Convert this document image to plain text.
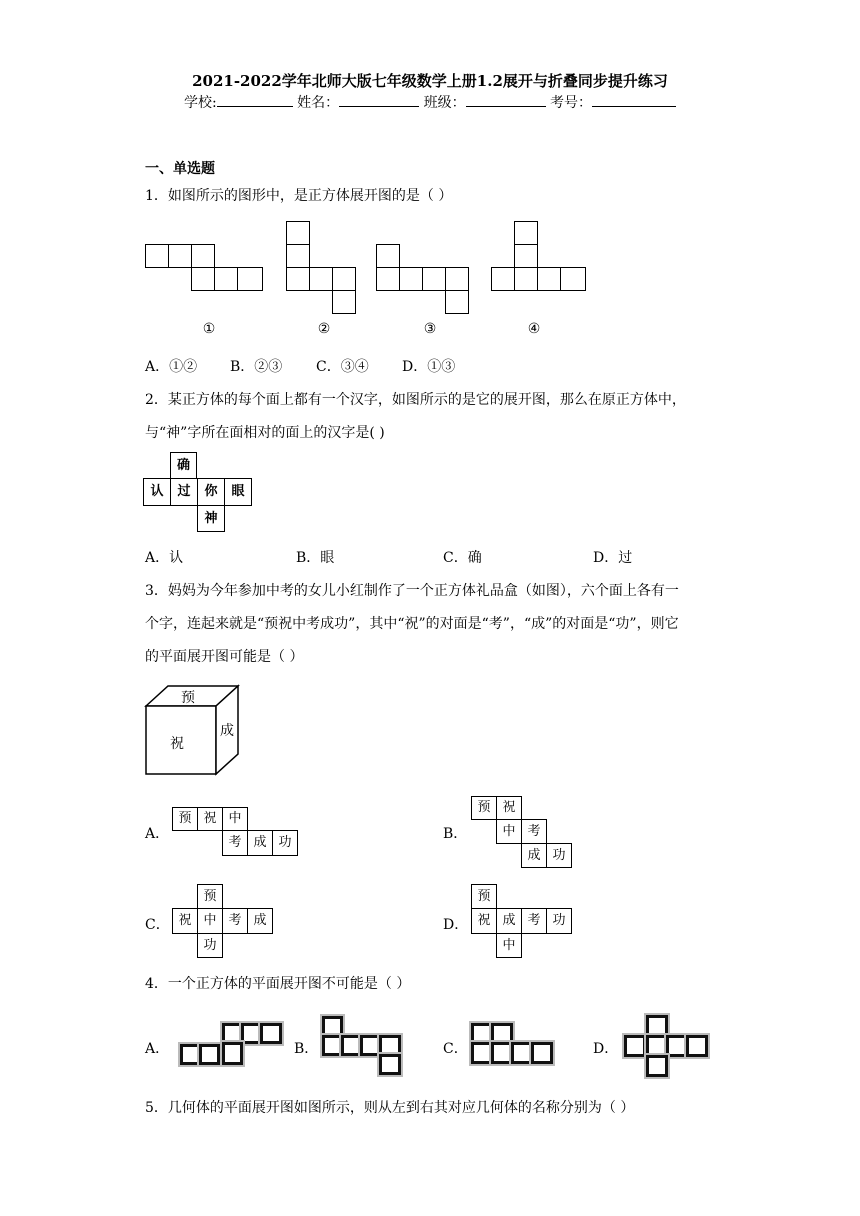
2021-2022学年北师大版七年级数学上册1.2展开与折叠同步提升练习
学校:	姓名：	班级：	考号：
一、单选题
1．如图所示的图形中，是正方体展开图的是（ ）
①	②	③	④
A．①② B．②③ C．③④ D．①③
2．某正方体的每个面上都有一个汉字，如图所示的是它的展开图，那么在原正方体中，
与“神”字所在面相对的面上的汉字是( )
确
认	过	你	眼
神
A．认	B．眼	C．确	D．过
3．妈妈为今年参加中考的女儿小红制作了一个正方体礼品盒（如图），六个面上各有一
个字，连起来就是“预祝中考成功”，其中“祝”的对面是“考”，“成”的对面是“功”，则它
的平面展开图可能是（ ）
预
祝
成
A．
预 祝 中
考 成 功
B．
预 祝
中 考
成 功
C．
预
祝 中 考 成
功
D．
预
祝 成 考 功
中
4．一个正方体的平面展开图不可能是（ ）
A．	B．	C．	D．
5．几何体的平面展开图如图所示，则从左到右其对应几何体的名称分别为（ ）
